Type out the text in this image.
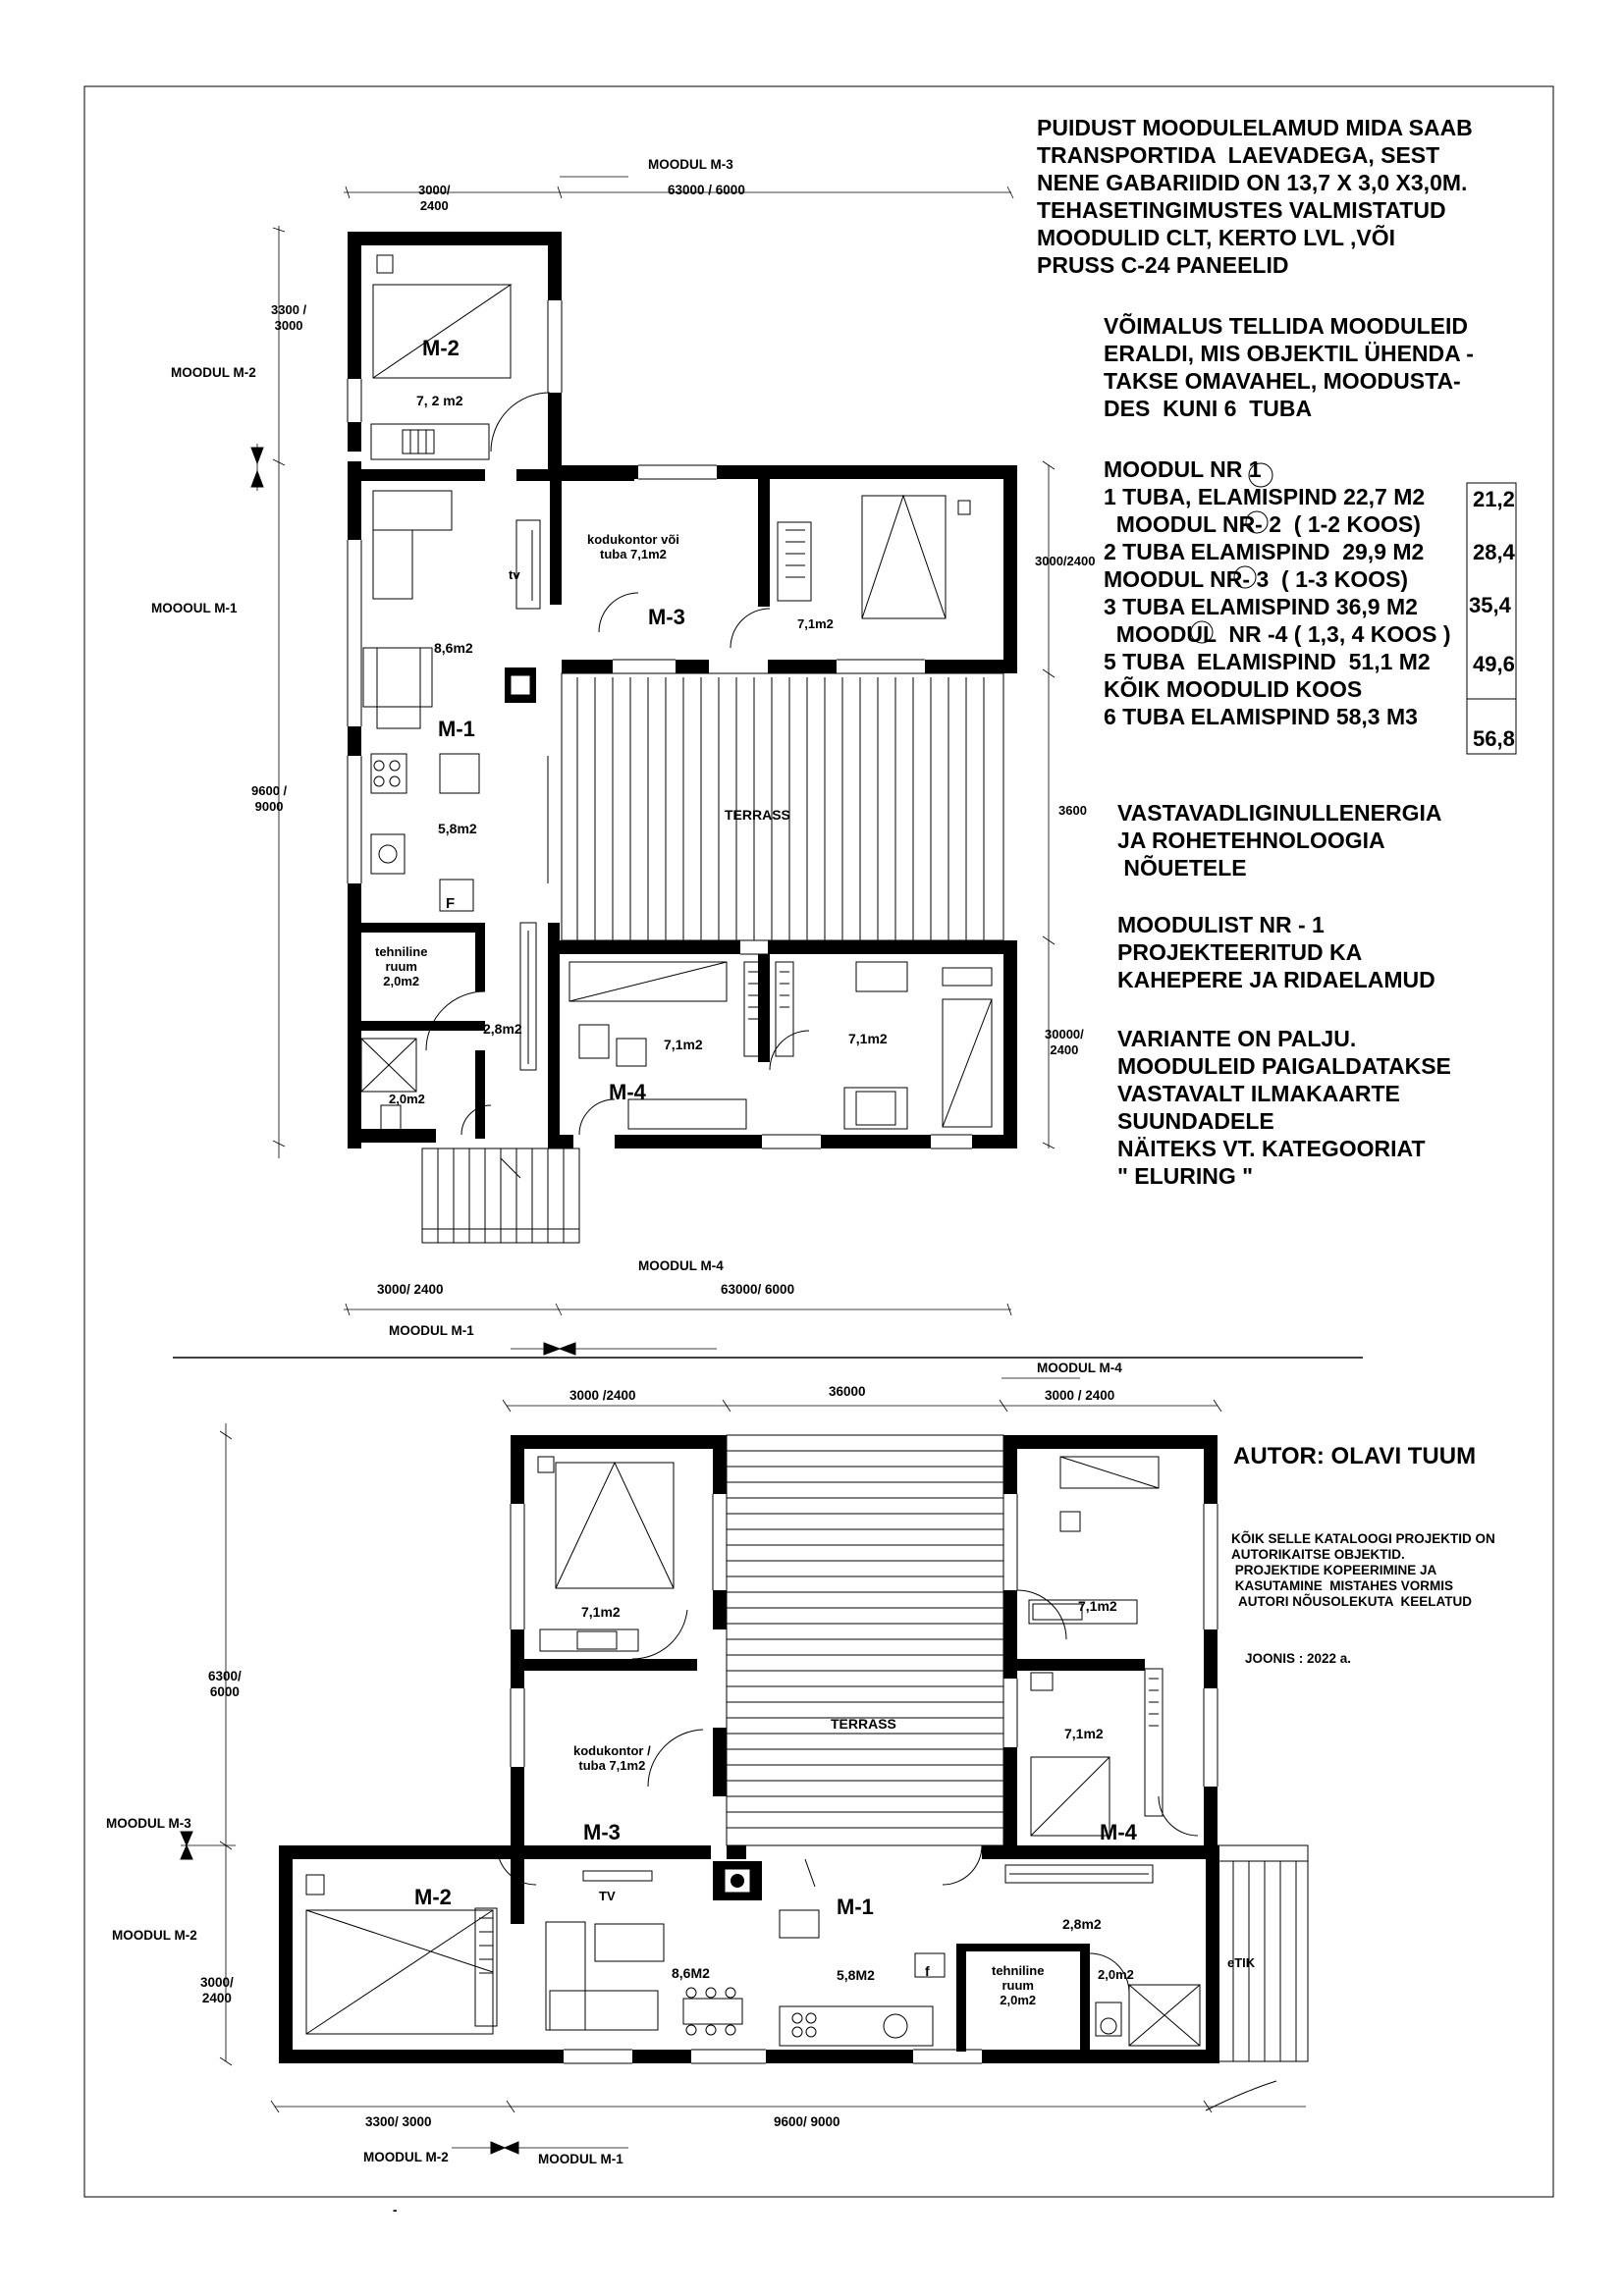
MOODUL M-3
3000/
2400
63000 / 6000
3300 /
3000
MOODUL M-2
MOOOUL M-1
9600 /
9000
3000/2400
3600
30000/
2400
MOODUL M-4
3000/ 2400	63000/ 6000
MOODUL M-1
M-2
7, 2 m2
kodukontor või
tuba 7,1m2
M-3	7,1m2
tv
8,6m2
M-1
5,8m2
TERRASS
F
tehniline
ruum
2,0m2
2,8m2
2,0m2
7,1m2	7,1m2
M-4
MOODUL M-4
3000 /2400	36000	3000 / 2400
6300/
6000
MOODUL M-3
MOODUL M-2
3000/
2400
7,1m2
kodukontor /
tuba 7,1m2
M-3
TERRASS
7,1m2
7,1m2
M-4
M-2	TV	M-1
2,8m2
8,6M2	5,8M2	f	tehniline
ruum
2,0m2
2,0m2
eTIK
3300/ 3000	9600/ 9000
MOODUL M-2	MOODUL M-1
-
PUIDUST MOODULELAMUD MIDA SAAB
TRANSPORTIDA  LAEVADEGA, SEST
NENE GABARIIDID ON 13,7 X 3,0 X3,0M.
TEHASETINGIMUSTES VALMISTATUD
MOODULID CLT, KERTO LVL ,VÕI
PRUSS C-24 PANEELID
VÕIMALUS TELLIDA MOODULEID
ERALDI, MIS OBJEKTIL ÜHENDA -
TAKSE OMAVAHEL, MOODUSTA-
DES  KUNI 6  TUBA
MOODUL NR 1
1 TUBA, ELAMISPIND 22,7 M2
MOODUL NR- 2  ( 1-2 KOOS)
2 TUBA ELAMISPIND  29,9 M2
MOODUL NR- 3  ( 1-3 KOOS)
3 TUBA ELAMISPIND 36,9 M2
MOODUL  NR -4 ( 1,3, 4 KOOS )
5 TUBA  ELAMISPIND  51,1 M2
KÕIK MOODULID KOOS
6 TUBA ELAMISPIND 58,3 M3
21,2
28,4
35,4
49,6
56,8
VASTAVADLIGINULLENERGIA
JA ROHETEHNOLOOGIA
NÕUETELE
MOODULIST NR - 1
PROJEKTEERITUD KA
KAHEPERE JA RIDAELAMUD
VARIANTE ON PALJU.
MOODULEID PAIGALDATAKSE
VASTAVALT ILMAKAARTE
SUUNDADELE
NÄITEKS VT. KATEGOORIAT
" ELURING "
AUTOR: OLAVI TUUM
KÕIK SELLE KATALOOGI PROJEKTID ON
AUTORIKAITSE OBJEKTID.
PROJEKTIDE KOPEERIMINE JA
KASUTAMINE  MISTAHES VORMIS
AUTORI NÕUSOLEKUTA  KEELATUD
JOONIS : 2022 a.
